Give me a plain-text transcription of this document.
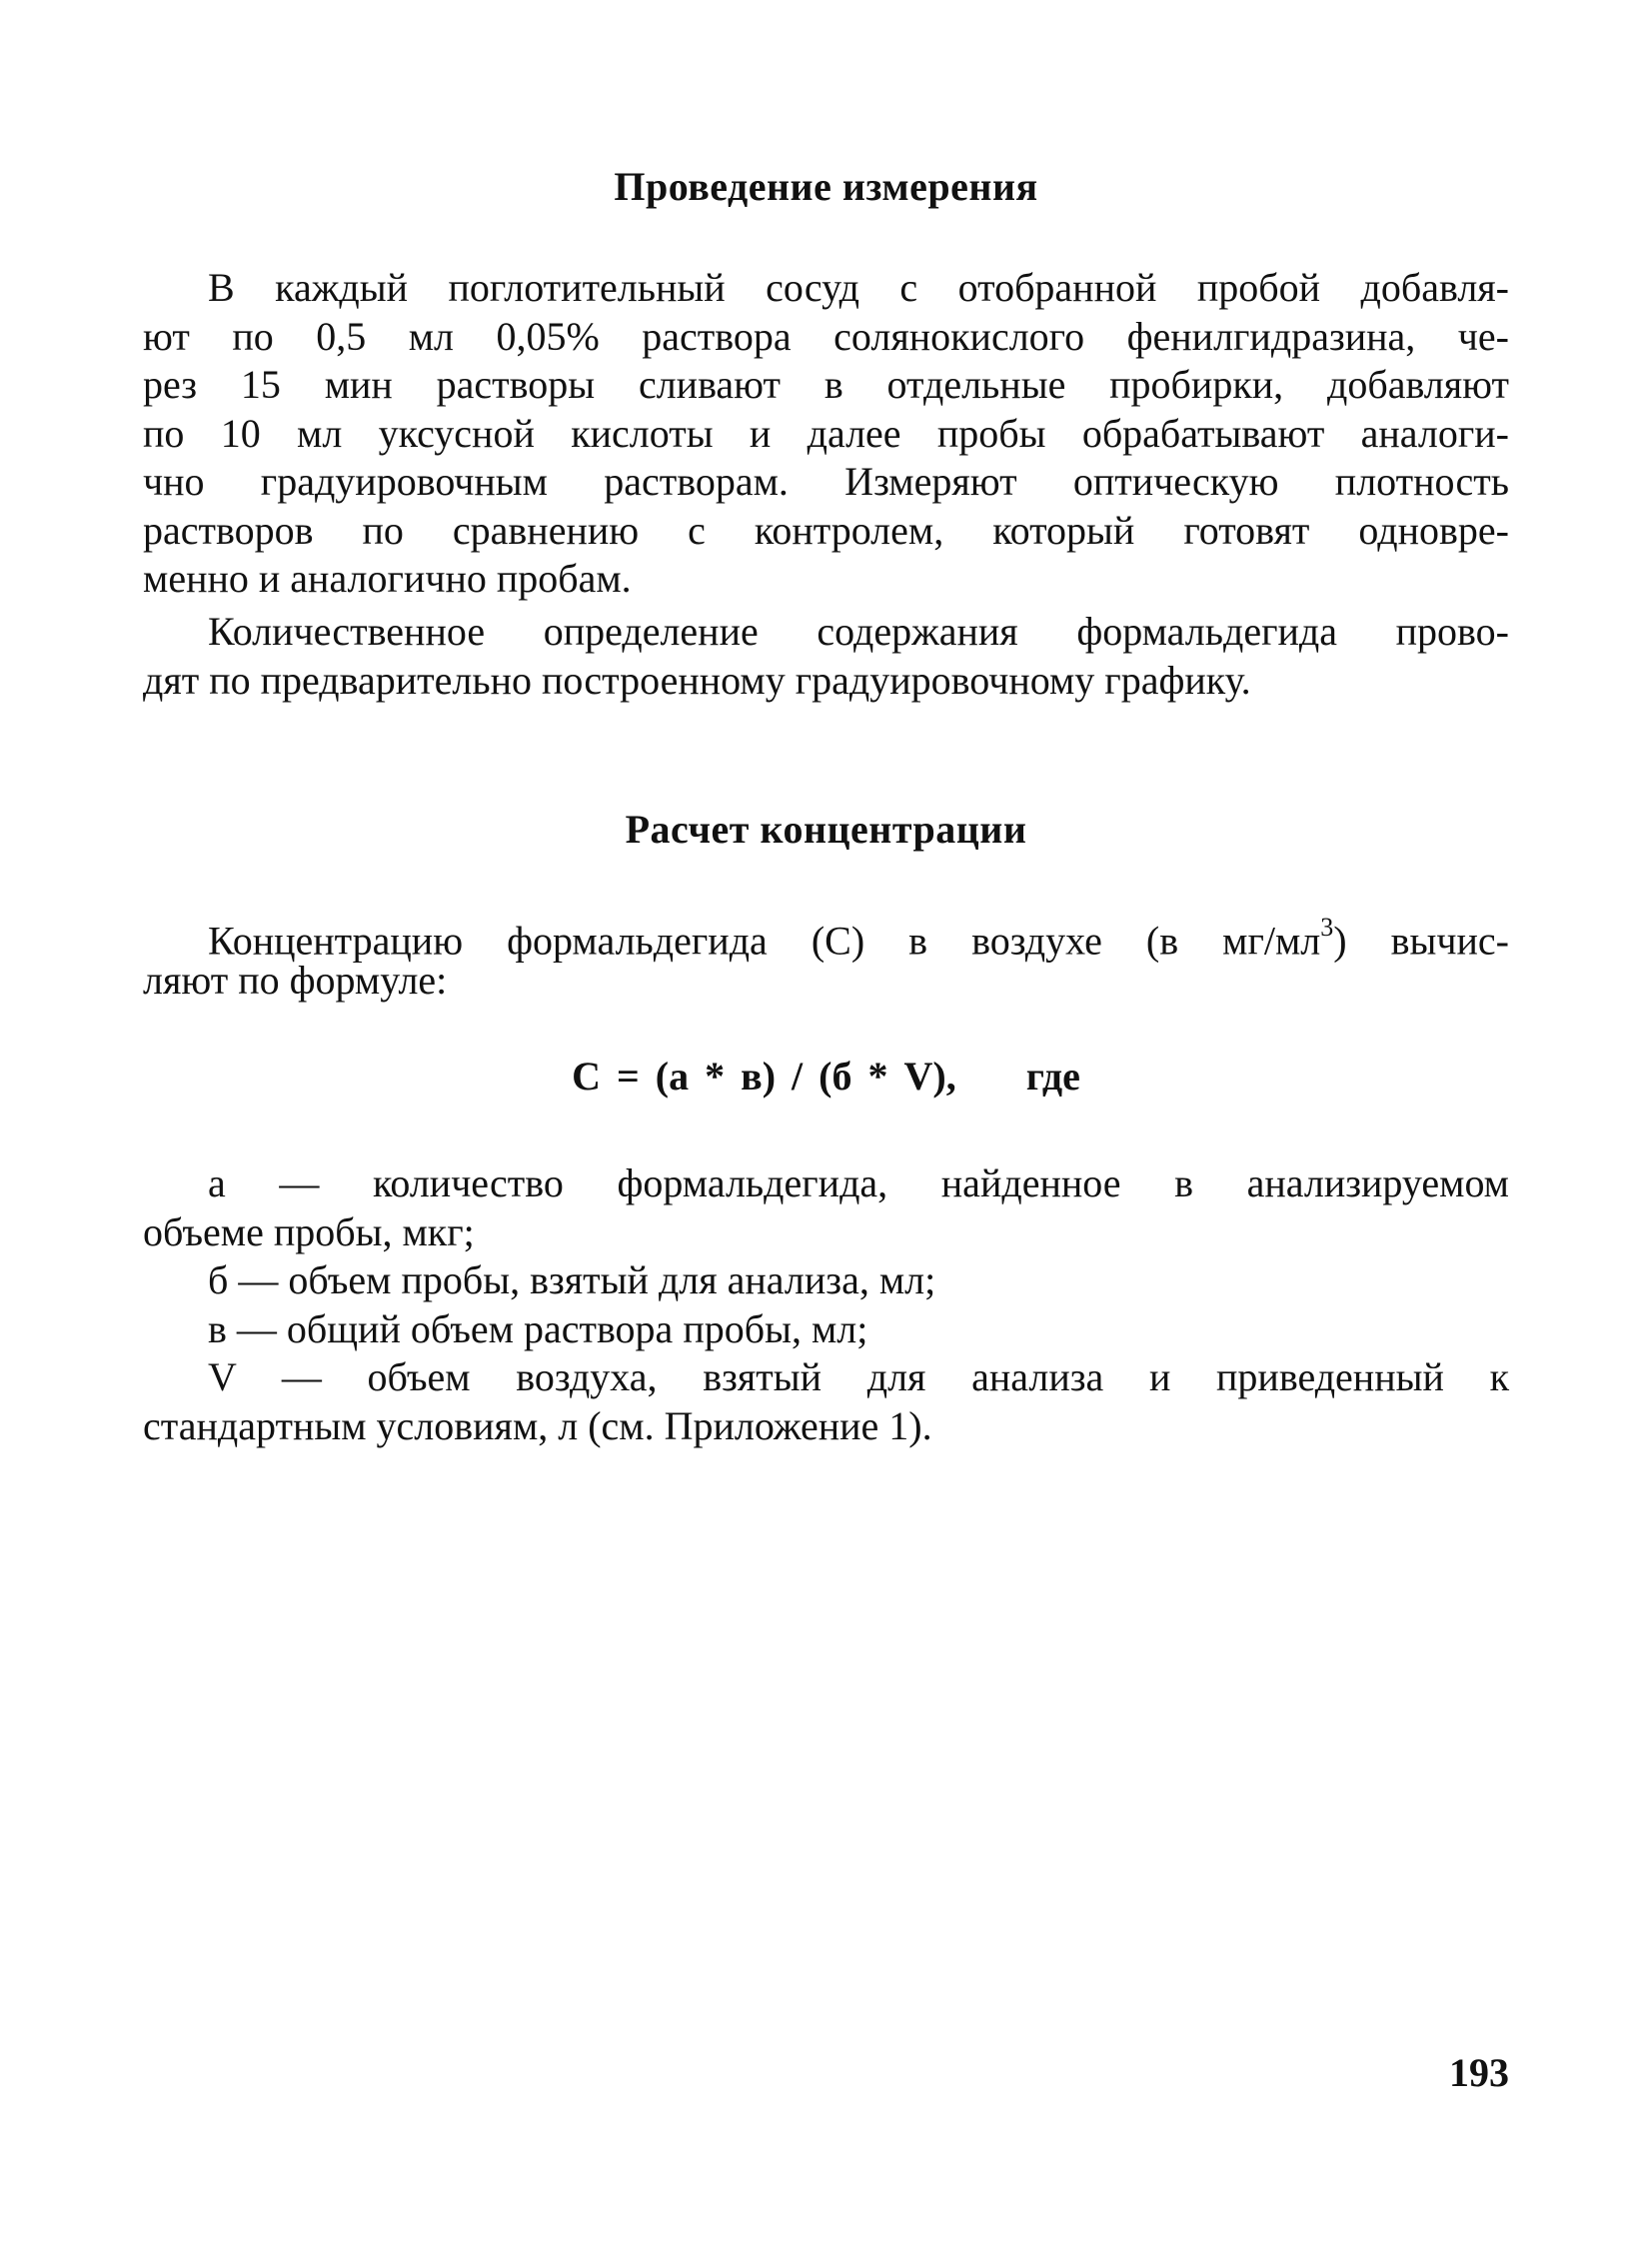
Проведение измерения
В каждый поглотительный сосуд с отобранной пробой добавля-
ют по 0,5 мл 0,05% раствора солянокислого фенилгидразина, че-
рез 15 мин растворы сливают в отдельные пробирки, добавляют
по 10 мл уксусной кислоты и далее пробы обрабатывают аналоги-
чно градуировочным растворам. Измеряют оптическую плотность
растворов по сравнению с контролем, который готовят одновре-
менно и аналогично пробам.
Количественное определение содержания формальдегида прово-
дят по предварительно построенному градуировочному графику.
Расчет концентрации
Концентрацию формальдегида (С) в воздухе (в $мг/мл^3$) вычис-
ляют по формуле:
С = (а * в) / (б * V), где
а — количество формальдегида, найденное в анализируемом
объеме пробы, мкг;
б — объем пробы, взятый для анализа, мл;
в — общий объем раствора пробы, мл;
V — объем воздуха, взятый для анализа и приведенный к
стандартным условиям, л (см. Приложение 1).
193
